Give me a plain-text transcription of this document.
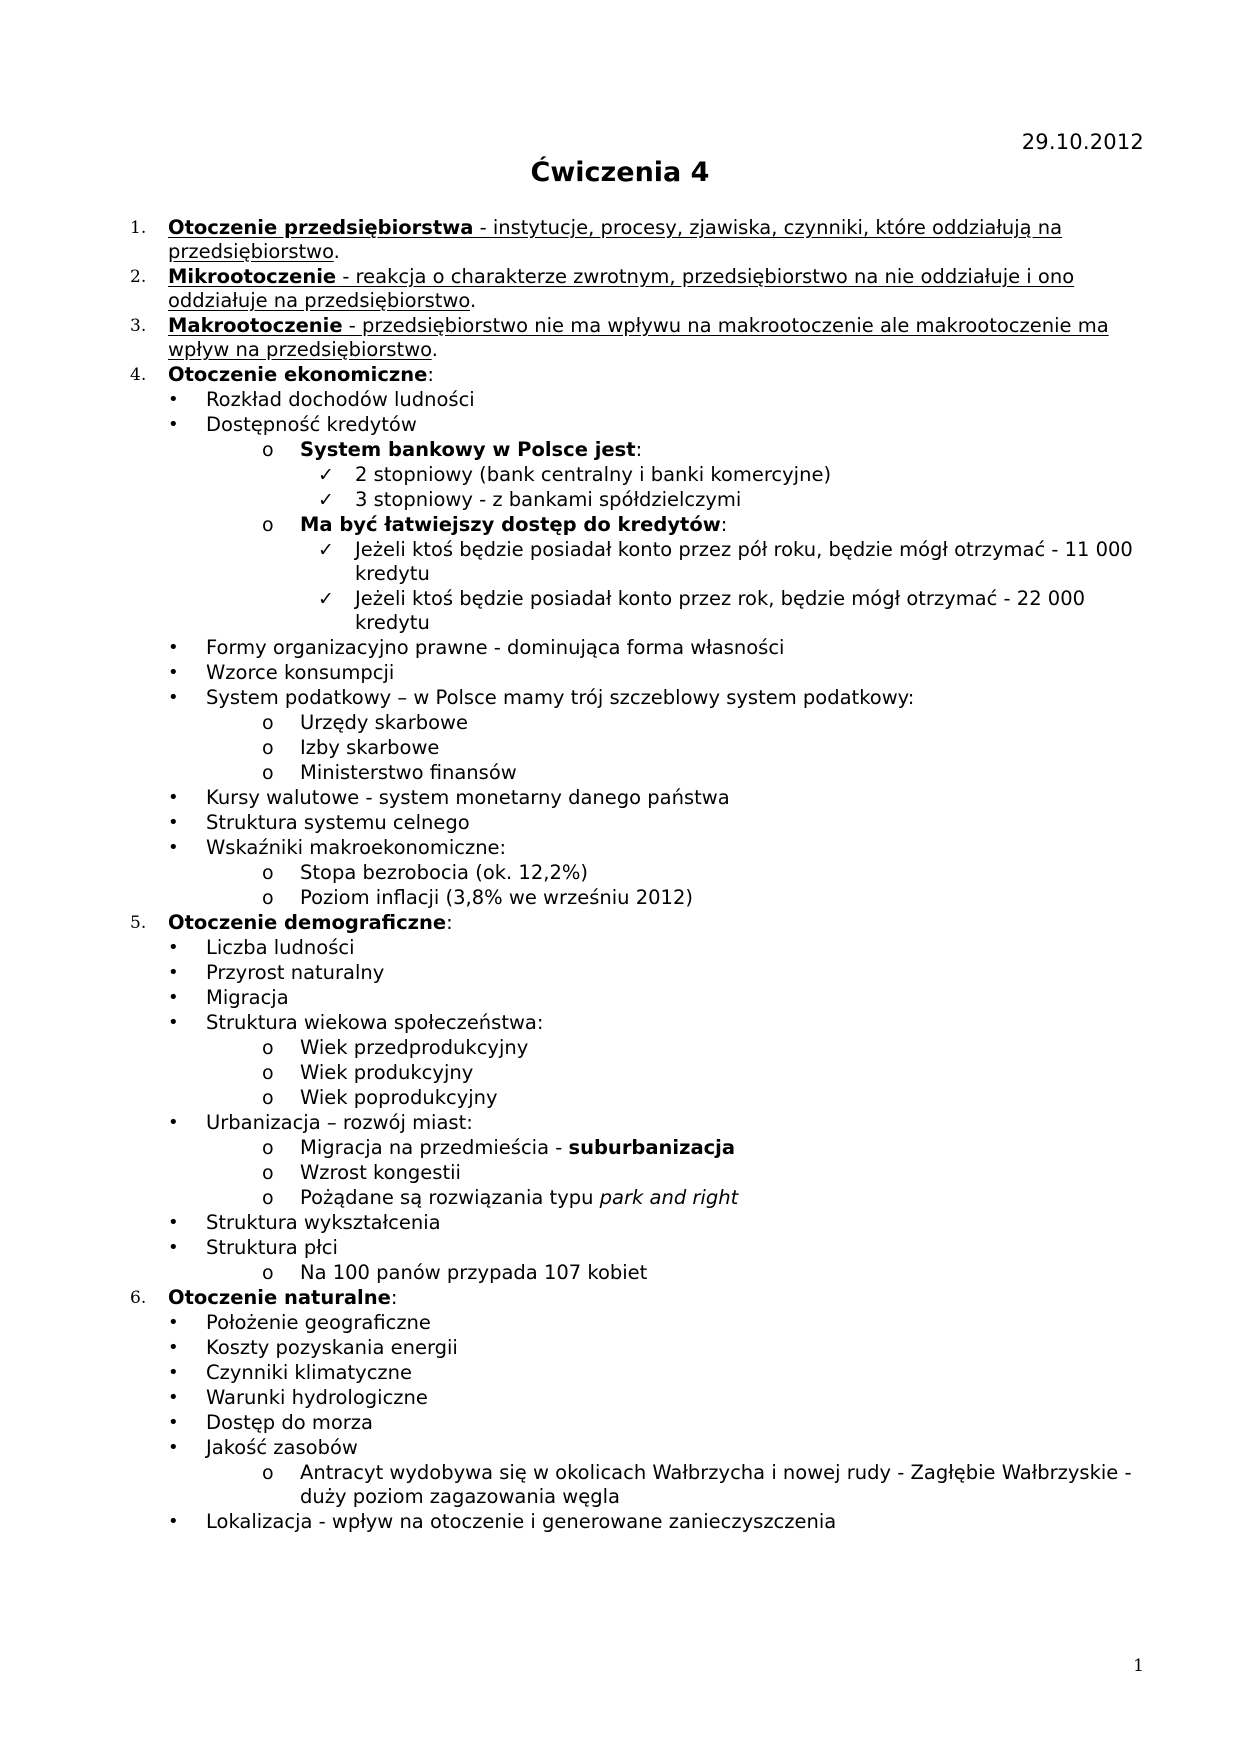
29.10.2012
Ćwiczenia 4
1. Otoczenie przedsiębiorstwa - instytucje, procesy, zjawiska, czynniki, które oddziałują na przedsiębiorstwo.
2. Mikrootoczenie - reakcja o charakterze zwrotnym, przedsiębiorstwo na nie oddziałuje i ono oddziałuje na przedsiębiorstwo.
3. Makrootoczenie - przedsiębiorstwo nie ma wpływu na makrootoczenie ale makrootoczenie ma wpływ na przedsiębiorstwo.
4. Otoczenie ekonomiczne:
• Rozkład dochodów ludności
• Dostępność kredytów
o System bankowy w Polsce jest:
✓ 2 stopniowy (bank centralny i banki komercyjne)
✓ 3 stopniowy - z bankami spółdzielczymi
o Ma być łatwiejszy dostęp do kredytów:
✓ Jeżeli ktoś będzie posiadał konto przez pół roku, będzie mógł otrzymać - 11 000 kredytu
✓ Jeżeli ktoś będzie posiadał konto przez rok, będzie mógł otrzymać - 22 000 kredytu
• Formy organizacyjno prawne - dominująca forma własności
• Wzorce konsumpcji
• System podatkowy – w Polsce mamy trój szczeblowy system podatkowy:
o Urzędy skarbowe
o Izby skarbowe
o Ministerstwo finansów
• Kursy walutowe - system monetarny danego państwa
• Struktura systemu celnego
• Wskaźniki makroekonomiczne:
o Stopa bezrobocia (ok. 12,2%)
o Poziom inflacji (3,8% we wrześniu 2012)
5. Otoczenie demograficzne:
• Liczba ludności
• Przyrost naturalny
• Migracja
• Struktura wiekowa społeczeństwa:
o Wiek przedprodukcyjny
o Wiek produkcyjny
o Wiek poprodukcyjny
• Urbanizacja – rozwój miast:
o Migracja na przedmieścia - suburbanizacja
o Wzrost kongestii
o Pożądane są rozwiązania typu park and right
• Struktura wykształcenia
• Struktura płci
o Na 100 panów przypada 107 kobiet
6. Otoczenie naturalne:
• Położenie geograficzne
• Koszty pozyskania energii
• Czynniki klimatyczne
• Warunki hydrologiczne
• Dostęp do morza
• Jakość zasobów
o Antracyt wydobywa się w okolicach Wałbrzycha i nowej rudy - Zagłębie Wałbrzyskie - duży poziom zagazowania węgla
• Lokalizacja - wpływ na otoczenie i generowane zanieczyszczenia
1
